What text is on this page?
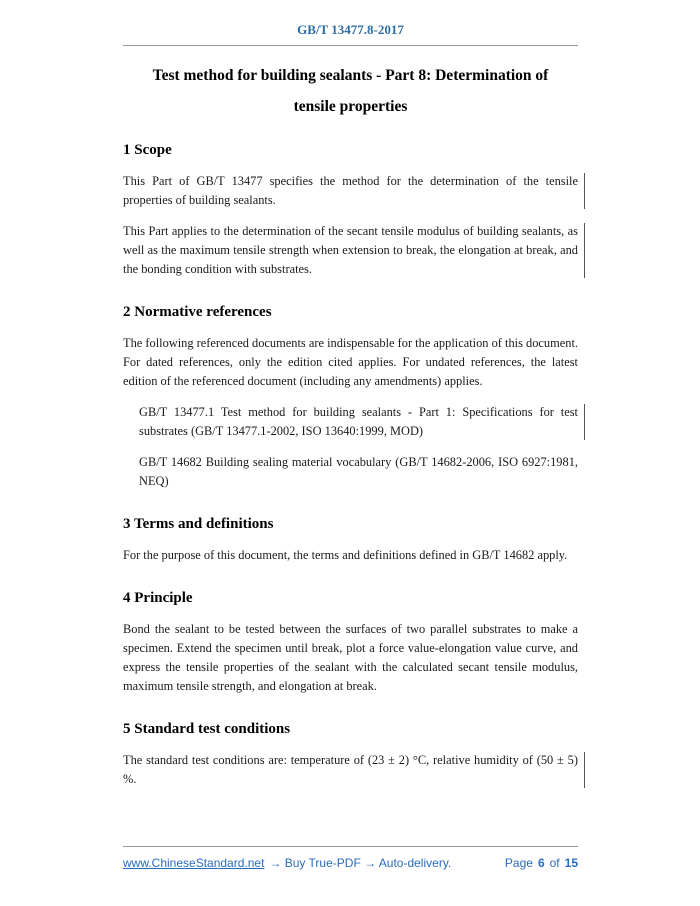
GB/T 13477.8-2017
Test method for building sealants - Part 8: Determination of
tensile properties
1 Scope

This Part of GB/T 13477 specifies the method for the determination of the tensile properties of building sealants.

This Part applies to the determination of the secant tensile modulus of building sealants, as well as the maximum tensile strength when extension to break, the elongation at break, and the bonding condition with substrates.

2 Normative references

The following referenced documents are indispensable for the application of this document. For dated references, only the edition cited applies. For undated references, the latest edition of the referenced document (including any amendments) applies.

GB/T 13477.1 Test method for building sealants - Part 1: Specifications for test substrates (GB/T 13477.1-2002, ISO 13640:1999, MOD)

GB/T 14682 Building sealing material vocabulary (GB/T 14682-2006, ISO 6927:1981, NEQ)

3 Terms and definitions

For the purpose of this document, the terms and definitions defined in GB/T 14682 apply.

4 Principle

Bond the sealant to be tested between the surfaces of two parallel substrates to make a specimen. Extend the specimen until break, plot a force value-elongation value curve, and express the tensile properties of the sealant with the calculated secant tensile modulus, maximum tensile strength, and elongation at break.

5 Standard test conditions

The standard test conditions are: temperature of (23 ± 2) °C, relative humidity of (50 ± 5) %.

www.ChineseStandard.net → Buy True-PDF → Auto-delivery.	Page 6 of 15
